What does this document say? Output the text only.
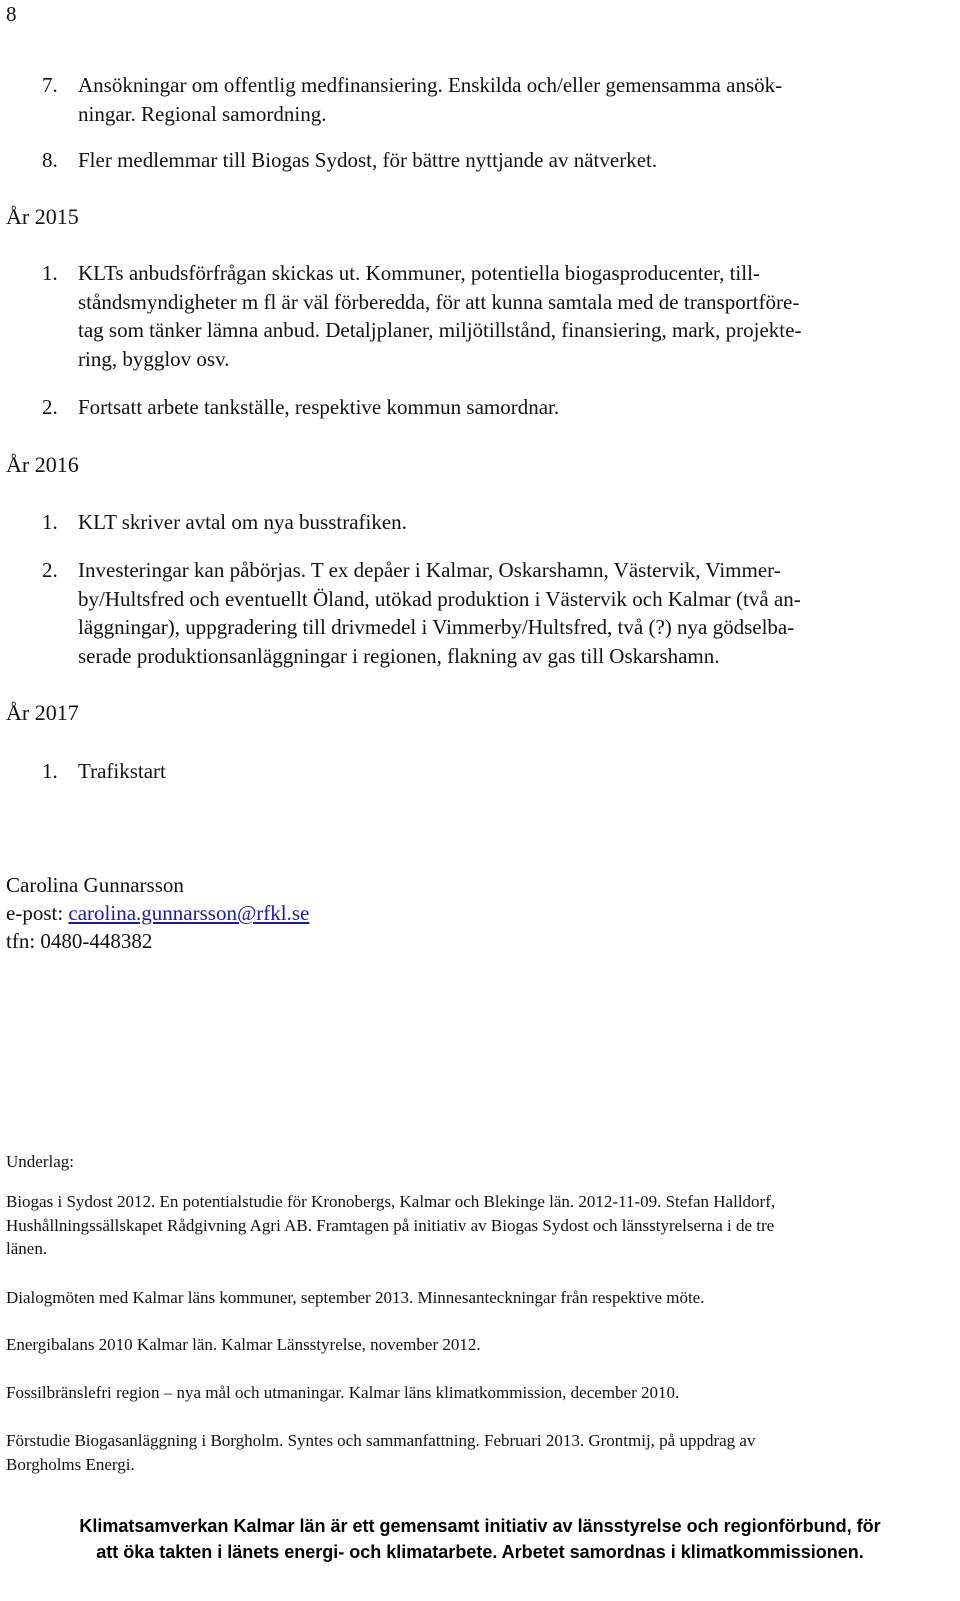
8
7. Ansökningar om offentlig medfinansiering. Enskilda och/eller gemensamma ansök-
ningar. Regional samordning.
8. Fler medlemmar till Biogas Sydost, för bättre nyttjande av nätverket.
År 2015
1. KLTs anbudsförfrågan skickas ut. Kommuner, potentiella biogasproducenter, till-
ståndsmyndigheter m fl är väl förberedda, för att kunna samtala med de transportföre-
tag som tänker lämna anbud. Detaljplaner, miljötillstånd, finansiering, mark, projekte-
ring, bygglov osv.
2. Fortsatt arbete tankställe, respektive kommun samordnar.
År 2016
1. KLT skriver avtal om nya busstrafiken.
2. Investeringar kan påbörjas. T ex depåer i Kalmar, Oskarshamn, Västervik, Vimmer-
by/Hultsfred och eventuellt Öland, utökad produktion i Västervik och Kalmar (två an-
läggningar), uppgradering till drivmedel i Vimmerby/Hultsfred, två (?) nya gödselba-
serade produktionsanläggningar i regionen, flakning av gas till Oskarshamn.
År 2017
1. Trafikstart
Carolina Gunnarsson
e-post: carolina.gunnarsson@rfkl.se
tfn: 0480-448382
Underlag:
Biogas i Sydost 2012. En potentialstudie för Kronobergs, Kalmar och Blekinge län. 2012-11-09. Stefan Halldorf,
Hushållningssällskapet Rådgivning Agri AB. Framtagen på initiativ av Biogas Sydost och länsstyrelserna i de tre
länen.
Dialogmöten med Kalmar läns kommuner, september 2013. Minnesanteckningar från respektive möte.
Energibalans 2010 Kalmar län. Kalmar Länsstyrelse, november 2012.
Fossilbränslefri region – nya mål och utmaningar. Kalmar läns klimatkommission, december 2010.
Förstudie Biogasanläggning i Borgholm. Syntes och sammanfattning. Februari 2013. Grontmij, på uppdrag av
Borgholms Energi.
Klimatsamverkan Kalmar län är ett gemensamt initiativ av länsstyrelse och regionförbund, för
att öka takten i länets energi- och klimatarbete. Arbetet samordnas i klimatkommissionen.
